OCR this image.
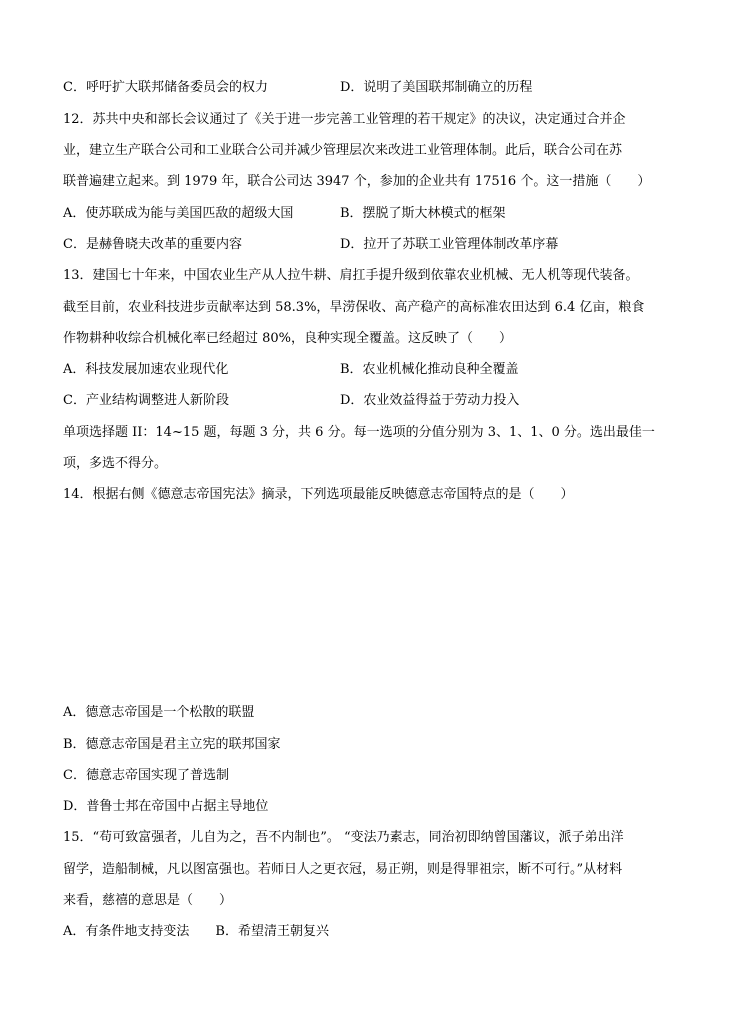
C．呼吁扩大联邦储备委员会的权力	D．说明了美国联邦制确立的历程
12．苏共中央和部长会议通过了《关于进一步完善工业管理的若干规定》的决议，决定通过合并企
业，建立生产联合公司和工业联合公司并减少管理层次来改进工业管理体制。此后，联合公司在苏
联普遍建立起来。到 1979 年，联合公司达 3947 个，参加的企业共有 17516 个。这一措施（　　）
A．使苏联成为能与美国匹敌的超级大国	B．摆脱了斯大林模式的框架
C．是赫鲁晓夫改革的重要内容	D．拉开了苏联工业管理体制改革序幕
13．建国七十年来，中国农业生产从人拉牛耕、肩扛手提升级到依靠农业机械、无人机等现代装备。
截至目前，农业科技进步贡献率达到 58.3%，旱涝保收、高产稳产的高标准农田达到 6.4 亿亩，粮食
作物耕种收综合机械化率已经超过 80%，良种实现全覆盖。这反映了（　　）
A．科技发展加速农业现代化	B．农业机械化推动良种全覆盖
C．产业结构调整进人新阶段	D．农业效益得益于劳动力投入
单项选择题 II：14~15 题，每题 3 分，共 6 分。每一选项的分值分别为 3、1、1、0 分。选出最佳一
项，多选不得分。
14．根据右侧《德意志帝国宪法》摘录，下列选项最能反映德意志帝国特点的是（　　）
A．德意志帝国是一个松散的联盟
B．德意志帝国是君主立宪的联邦国家
C．德意志帝国实现了普选制
D．普鲁士邦在帝国中占据主导地位
15．“苟可致富强者，儿自为之，吾不内制也”。 “变法乃素志，同治初即纳曾国藩议，派子弟出洋
留学，造船制械，凡以图富强也。若师日人之更衣冠，易正朔，则是得罪祖宗，断不可行。”从材料
来看，慈禧的意思是（　　）
A．有条件地支持变法 B．希望清王朝复兴
